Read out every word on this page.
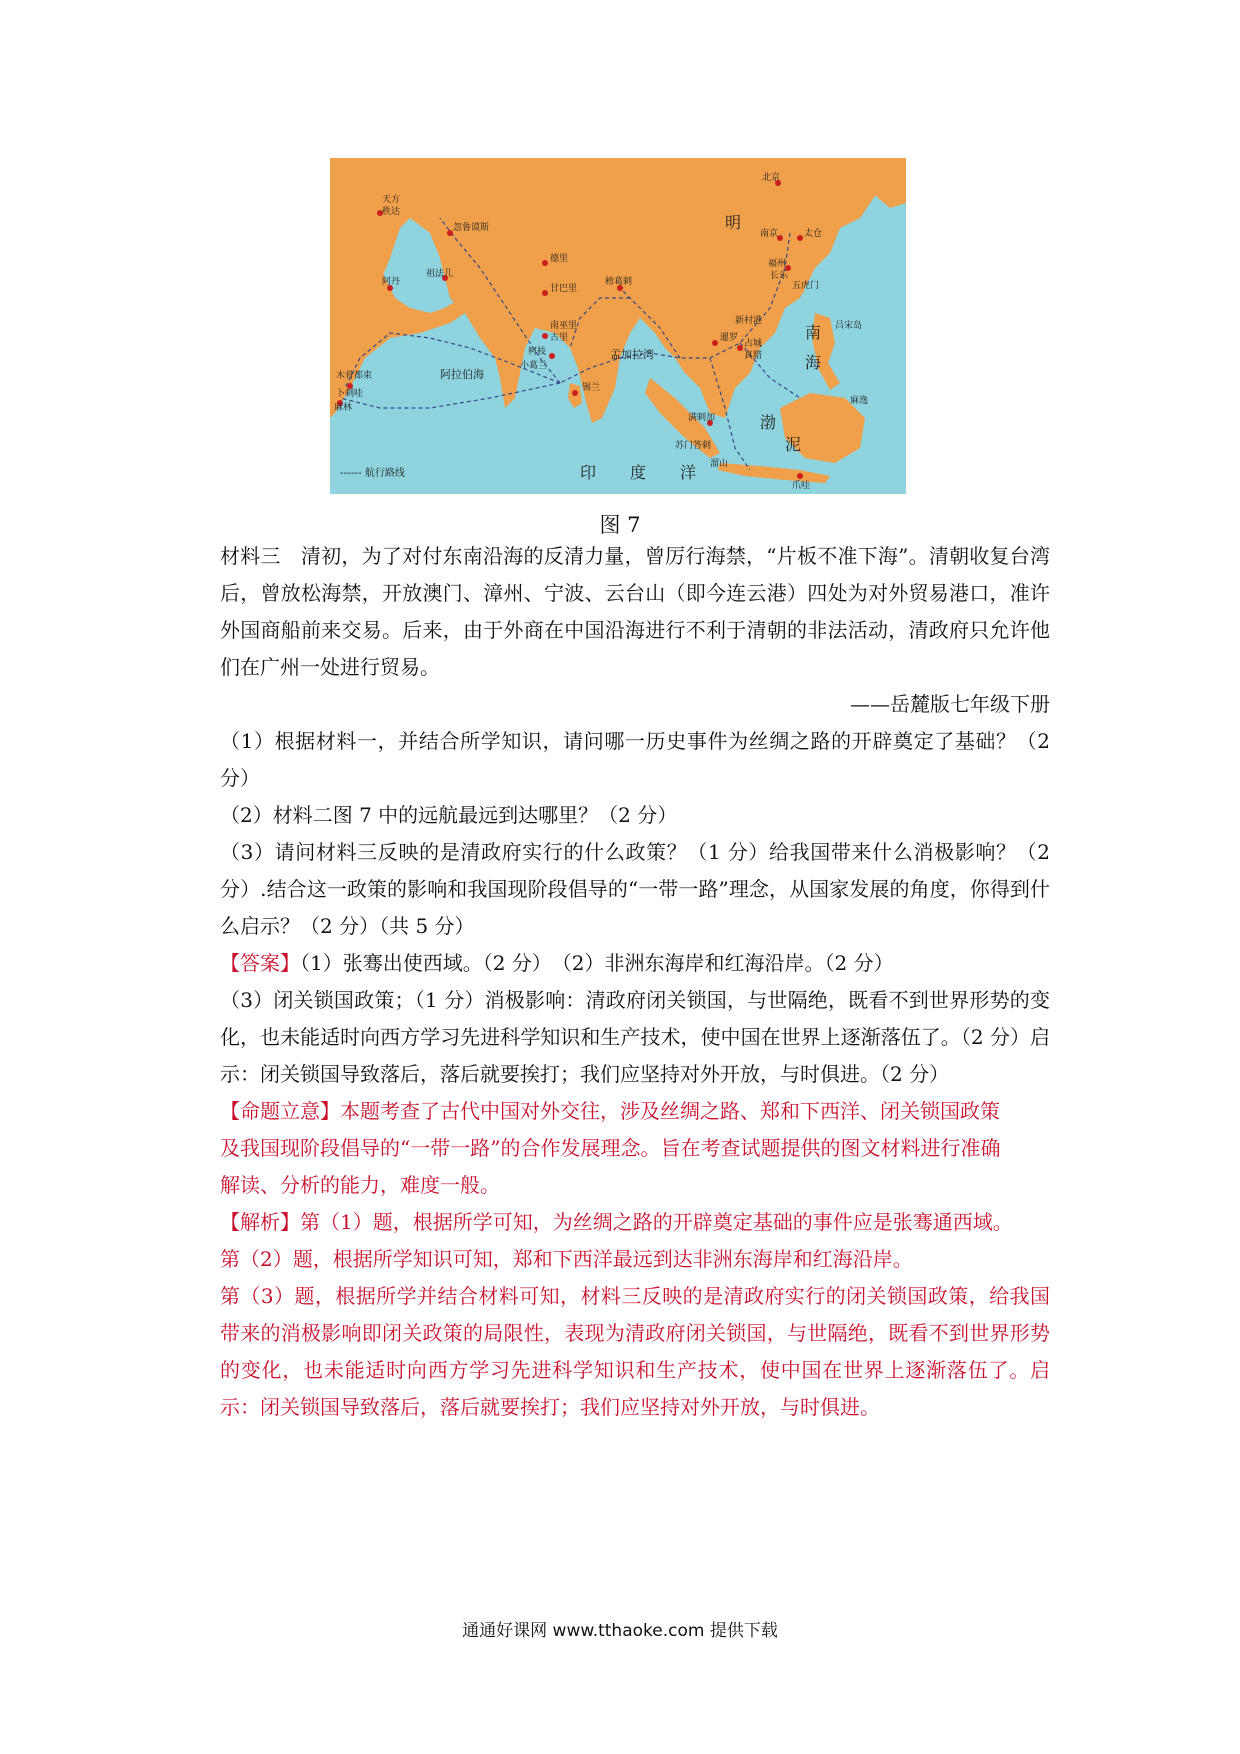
北京
南京	太仓
福州
长乐
五虎门
忽鲁谟斯
天方
秩达
阿丹
祖法儿
德里
甘巴里
榜葛剌
南巫里
古里
柯枝
小葛兰
锡兰
满剌加
暹罗
占城
真腊
新村港	吕宋岛
木骨都束
卜剌哇
麻林
爪哇
苏门答剌
溜山
麻逸
明
南
海
渤
泥
印 度 洋
阿拉伯海
孟加拉湾
------ 航行路线
图 7

材料三　清初，为了对付东南沿海的反清力量，曾厉行海禁，“片板不准下海”。清朝收复台湾后，曾放松海禁，开放澳门、漳州、宁波、云台山（即今连云港）四处为对外贸易港口，准许外国商船前来交易。后来，由于外商在中国沿海进行不利于清朝的非法活动，清政府只允许他们在广州一处进行贸易。

——岳麓版七年级下册

（1）根据材料一，并结合所学知识，请问哪一历史事件为丝绸之路的开辟奠定了基础？（2 分）

（2）材料二图 7 中的远航最远到达哪里？（2 分）

（3）请问材料三反映的是清政府实行的什么政策？（1 分）给我国带来什么消极影响？（2 分）.结合这一政策的影响和我国现阶段倡导的“一带一路”理念，从国家发展的角度，你得到什么启示？（2 分）（共 5 分）

【答案】（1）张骞出使西域。（2 分）　（2）非洲东海岸和红海沿岸。（2 分）

（3）闭关锁国政策；（1 分）消极影响：清政府闭关锁国，与世隔绝，既看不到世界形势的变化，也未能适时向西方学习先进科学知识和生产技术，使中国在世界上逐渐落伍了。（2 分）启示：闭关锁国导致落后，落后就要挨打；我们应坚持对外开放，与时俱进。（2 分）

【命题立意】本题考查了古代中国对外交往，涉及丝绸之路、郑和下西洋、闭关锁国政策

及我国现阶段倡导的“一带一路”的合作发展理念。旨在考查试题提供的图文材料进行准确

解读、分析的能力，难度一般。

【解析】第（1）题，根据所学可知，为丝绸之路的开辟奠定基础的事件应是张骞通西域。

第（2）题，根据所学知识可知，郑和下西洋最远到达非洲东海岸和红海沿岸。

第（3）题，根据所学并结合材料可知，材料三反映的是清政府实行的闭关锁国政策，给我国带来的消极影响即闭关政策的局限性，表现为清政府闭关锁国，与世隔绝，既看不到世界形势的变化，也未能适时向西方学习先进科学知识和生产技术，使中国在世界上逐渐落伍了。启示：闭关锁国导致落后，落后就要挨打；我们应坚持对外开放，与时俱进。

通通好课网 www.tthaoke.com 提供下载
